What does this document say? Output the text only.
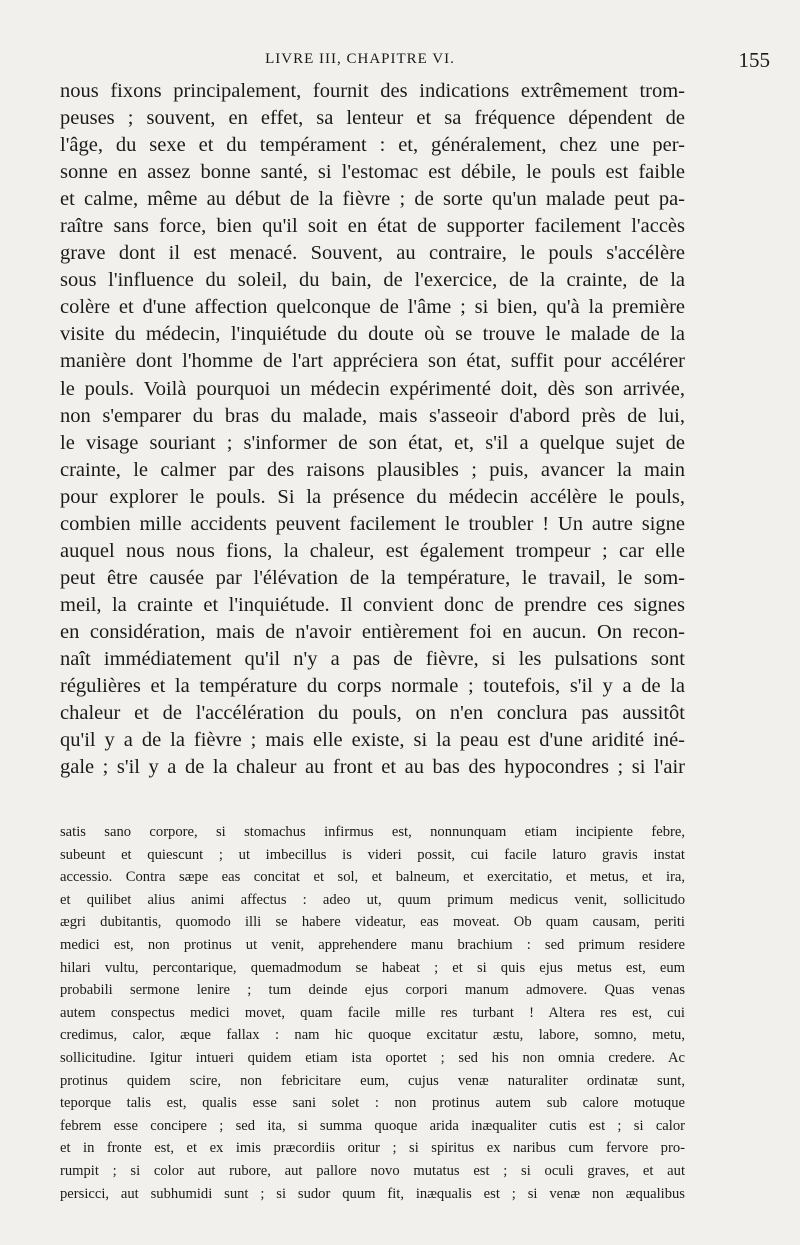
LIVRE III, CHAPITRE VI.	155
nous fixons principalement, fournit des indications extrêmement trom-
peuses ; souvent, en effet, sa lenteur et sa fréquence dépendent de
l'âge, du sexe et du tempérament : et, généralement, chez une per-
sonne en assez bonne santé, si l'estomac est débile, le pouls est faible
et calme, même au début de la fièvre ; de sorte qu'un malade peut pa-
raître sans force, bien qu'il soit en état de supporter facilement l'accès
grave dont il est menacé. Souvent, au contraire, le pouls s'accélère
sous l'influence du soleil, du bain, de l'exercice, de la crainte, de la
colère et d'une affection quelconque de l'âme ; si bien, qu'à la première
visite du médecin, l'inquiétude du doute où se trouve le malade de la
manière dont l'homme de l'art appréciera son état, suffit pour accélérer
le pouls. Voilà pourquoi un médecin expérimenté doit, dès son arrivée,
non s'emparer du bras du malade, mais s'asseoir d'abord près de lui,
le visage souriant ; s'informer de son état, et, s'il a quelque sujet de
crainte, le calmer par des raisons plausibles ; puis, avancer la main
pour explorer le pouls. Si la présence du médecin accélère le pouls,
combien mille accidents peuvent facilement le troubler ! Un autre signe
auquel nous nous fions, la chaleur, est également trompeur ; car elle
peut être causée par l'élévation de la température, le travail, le som-
meil, la crainte et l'inquiétude. Il convient donc de prendre ces signes
en considération, mais de n'avoir entièrement foi en aucun. On recon-
naît immédiatement qu'il n'y a pas de fièvre, si les pulsations sont
régulières et la température du corps normale ; toutefois, s'il y a de la
chaleur et de l'accélération du pouls, on n'en conclura pas aussitôt
qu'il y a de la fièvre ; mais elle existe, si la peau est d'une aridité iné-
gale ; s'il y a de la chaleur au front et au bas des hypocondres ; si l'air
satis sano corpore, si stomachus infirmus est, nonnunquam etiam incipiente febre,
subeunt et quiescunt ; ut imbecillus is videri possit, cui facile laturo gravis instat
accessio. Contra sæpe eas concitat et sol, et balneum, et exercitatio, et metus, et ira,
et quilibet alius animi affectus : adeo ut, quum primum medicus venit, sollicitudo
ægri dubitantis, quomodo illi se habere videatur, eas moveat. Ob quam causam, periti
medici est, non protinus ut venit, apprehendere manu brachium : sed primum residere
hilari vultu, percontarique, quemadmodum se habeat ; et si quis ejus metus est, eum
probabili sermone lenire ; tum deinde ejus corpori manum admovere. Quas venas
autem conspectus medici movet, quam facile mille res turbant ! Altera res est, cui
credimus, calor, æque fallax : nam hic quoque excitatur æstu, labore, somno, metu,
sollicitudine. Igitur intueri quidem etiam ista oportet ; sed his non omnia credere. Ac
protinus quidem scire, non febricitare eum, cujus venæ naturaliter ordinatæ sunt,
teporque talis est, qualis esse sani solet : non protinus autem sub calore motuque
febrem esse concipere ; sed ita, si summa quoque arida inæqualiter cutis est ; si calor
et in fronte est, et ex imis præcordiis oritur ; si spiritus ex naribus cum fervore pro-
rumpit ; si color aut rubore, aut pallore novo mutatus est ; si oculi graves, et aut
persicci, aut subhumidi sunt ; si sudor quum fit, inæqualis est ; si venæ non æqualibus
